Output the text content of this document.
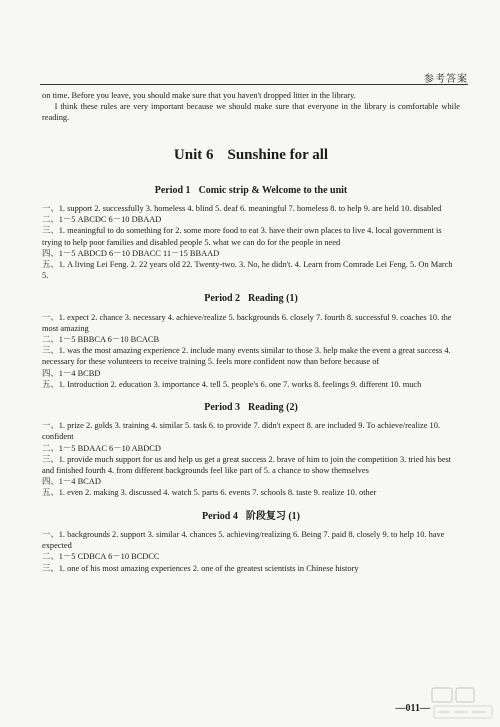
参考答案

on time. Before you leave, you should make sure that you haven't dropped litter in the library.

I think these rules are very important because we should make sure that everyone in the library is comfortable while reading.

Unit 6 Sunshine for all
Period 1 Comic strip & Welcome to the unit

一、1. support 2. successfully 3. homeless 4. blind 5. deaf 6. meaningful 7. homeless 8. to help 9. are held 10. disabled

二、1－5 ABCDC 6－10 DBAAD

三、1. meaningful to do something for 2. some more food to eat 3. have their own places to live 4. local government is trying to help poor families and disabled people 5. what we can do for the people in need

四、1－5 ABDCD 6－10 DBACC 11－15 BBAAD

五、1. A living Lei Feng. 2. 22 years old 22. Twenty-two. 3. No, he didn't. 4. Learn from Comrade Lei Feng. 5. On March 5.

Period 2 Reading (1)

一、1. expect 2. chance 3. necessary 4. achieve/realize 5. backgrounds 6. closely 7. fourth 8. successful 9. coaches 10. the most amazing

二、1－5 BBBCA 6－10 BCACB

三、1. was the most amazing experience 2. include many events similar to those 3. help make the event a great success 4. necessary for these volunteers to receive training 5. feels more confident now than before because of

四、1－4 BCBD

五、1. Introduction 2. education 3. importance 4. tell 5. people's 6. one 7. works 8. feelings 9. different 10. much

Period 3 Reading (2)

一、1. prize 2. golds 3. training 4. similar 5. task 6. to provide 7. didn't expect 8. are included 9. To achieve/realize 10. confident

二、1－5 BDAAC 6－10 ABDCD

三、1. provide much support for us and help us get a great success 2. brave of him to join the competition 3. tried his best and finished fourth 4. from different backgrounds feel like part of 5. a chance to show themselves

四、1－4 BCAD

五、1. even 2. making 3. discussed 4. watch 5. parts 6. events 7. schools 8. taste 9. realize 10. other

Period 4 阶段复习 (1)

一、1. backgrounds 2. support 3. similar 4. chances 5. achieving/realizing 6. Being 7. paid 8. closely 9. to help 10. have expected

二、1－5 CDBCA 6－10 BCDCC

三、1. one of his most amazing experiences 2. one of the greatest scientists in Chinese history

—011—
